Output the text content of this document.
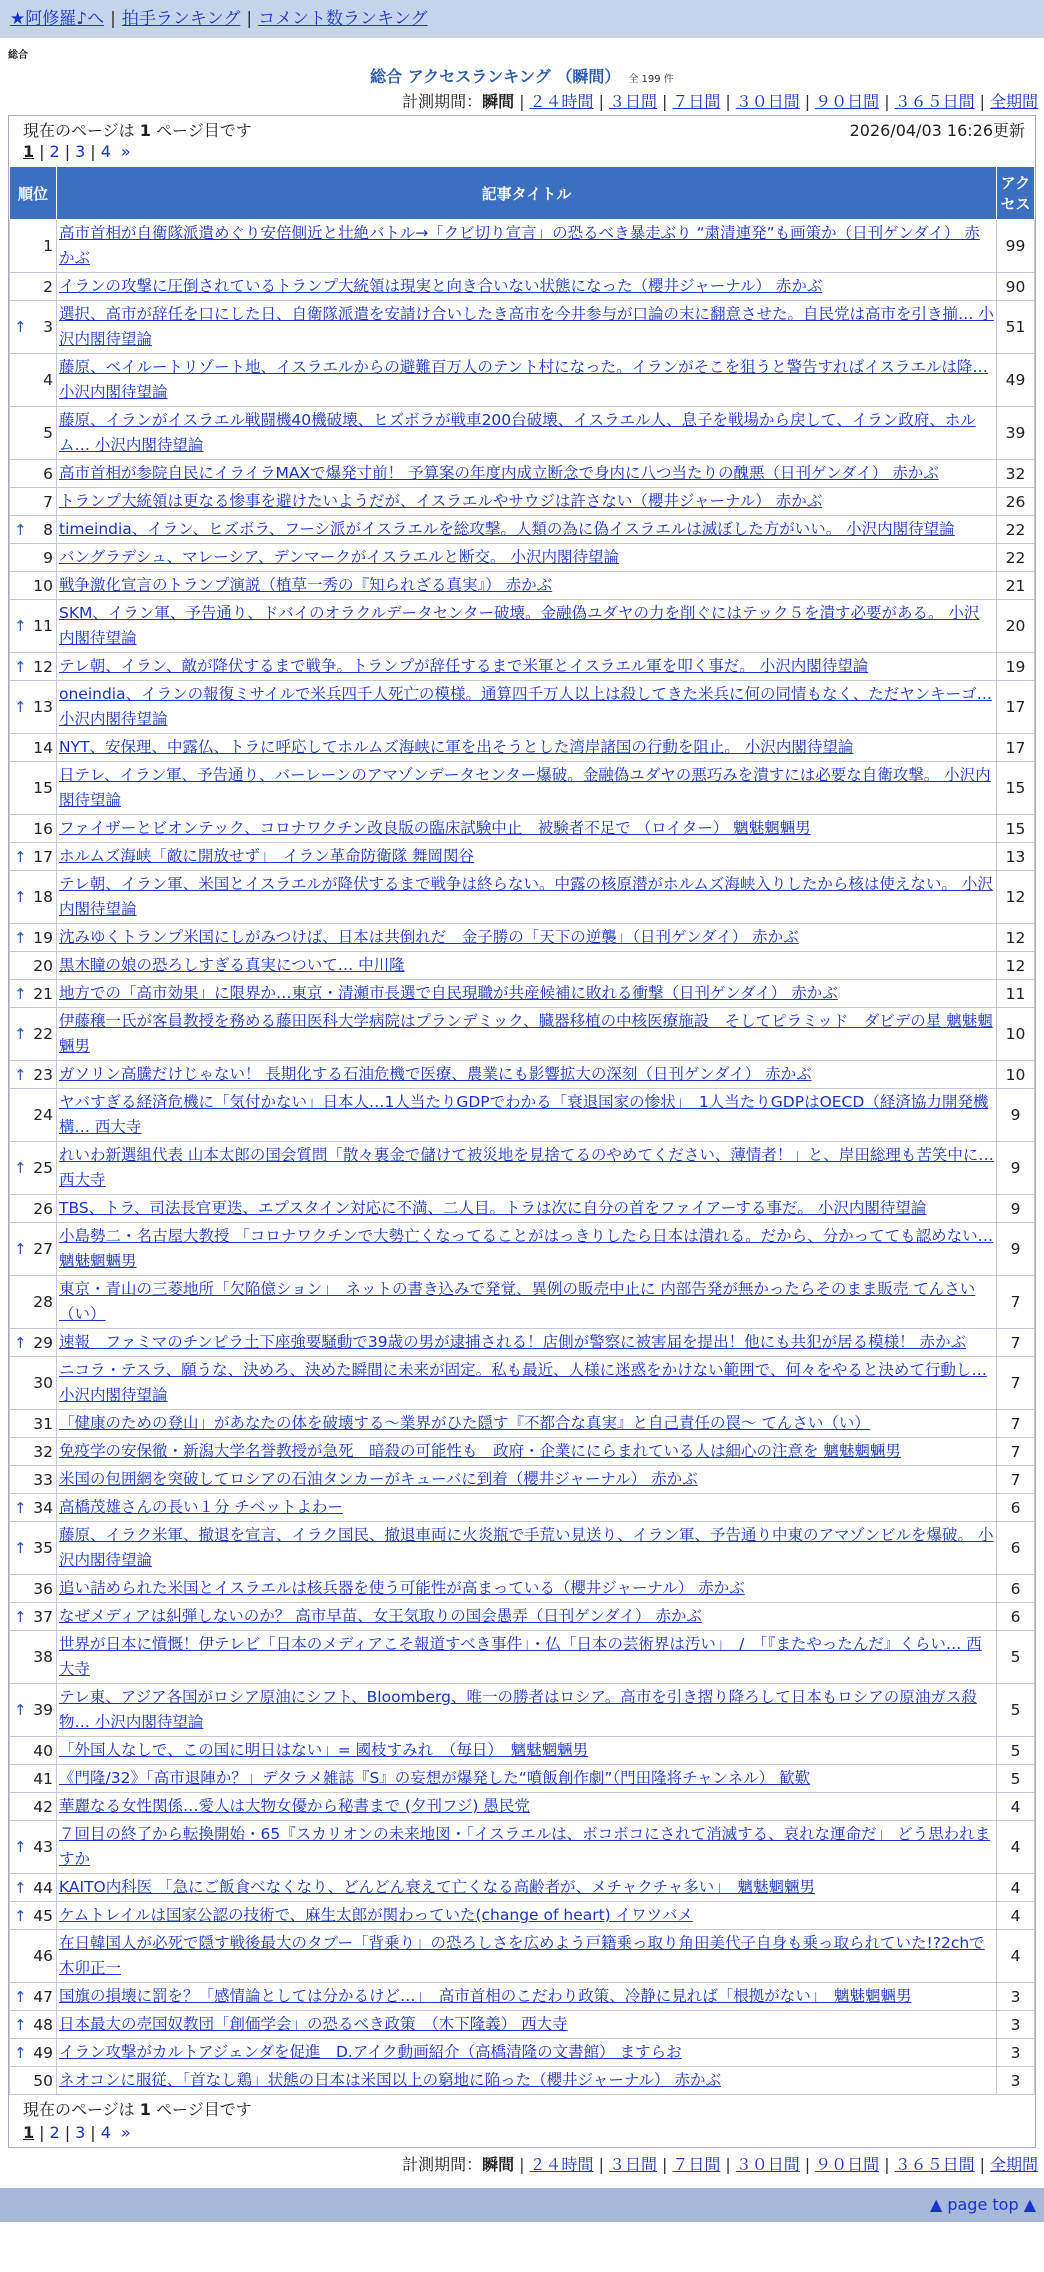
★阿修羅♪へ | 拍手ランキング | コメント数ランキング
総合
総合 アクセスランキング （瞬間） 全 199 件
計測期間：瞬間 | ２４時間 | ３日間 | ７日間 | ３０日間 | ９０日間 | ３６５日間 | 全期間
現在のページは 1 ページ目です	2026/04/03 16:26更新
1 | 2 | 3 | 4 »
順位	記事タイトル	アクセス
1	高市首相が自衛隊派遣めぐり安倍側近と壮絶バトル→「クビ切り宣言」の恐るべき暴走ぶり “粛清連発”も画策か（日刊ゲンダイ） 赤かぶ	99
2	イランの攻撃に圧倒されているトランプ大統領は現実と向き合いない状態になった（櫻井ジャーナル） 赤かぶ	90

↑ 3	選択、高市が辞任を口にした日、自衛隊派遣を安請け合いしたき高市を今井参与が口論の末に翻意させた。自民党は高市を引き揃… 小沢内閣待望論	51
4	藤原、ベイルートリゾート地、イスラエルからの避難百万人のテント村になった。イランがそこを狙うと警告すればイスラエルは降… 小沢内閣待望論	49
5	藤原、イランがイスラエル戦闘機40機破壊、ヒズボラが戦車200台破壊、イスラエル人、息子を戦場から戻して、イラン政府、ホルム… 小沢内閣待望論	39
6	高市首相が参院自民にイライラMAXで爆発寸前！ 予算案の年度内成立断念で身内に八つ当たりの醜悪（日刊ゲンダイ） 赤かぶ	32
7	トランプ大統領は更なる惨事を避けたいようだが、イスラエルやサウジは許さない（櫻井ジャーナル） 赤かぶ	26

↑ 8	timeindia、イラン、ヒズボラ、フーシ派がイスラエルを総攻撃。人類の為に偽イスラエルは滅ぼした方がいい。 小沢内閣待望論	22
9	バングラデシュ、マレーシア、デンマークがイスラエルと断交。 小沢内閣待望論	22
10	戦争激化宣言のトランプ演説（植草一秀の『知られざる真実』） 赤かぶ	21

↑ 11	SKM、イラン軍、予告通り、ドバイのオラクルデータセンター破壊。金融偽ユダヤの力を削ぐにはテック５を潰す必要がある。 小沢内閣待望論	20

↑ 12	テレ朝、イラン、敵が降伏するまで戦争。トランプが辞任するまで米軍とイスラエル軍を叩く事だ。 小沢内閣待望論	19

↑ 13	oneindia、イランの報復ミサイルで米兵四千人死亡の模様。通算四千万人以上は殺してきた米兵に何の同情もなく、ただヤンキーゴ… 小沢内閣待望論	17
14	NYT、安保理、中露仏、トラに呼応してホルムズ海峡に軍を出そうとした湾岸諸国の行動を阻止。 小沢内閣待望論	17
15	日テレ、イラン軍、予告通り、バーレーンのアマゾンデータセンター爆破。金融偽ユダヤの悪巧みを潰すには必要な自衛攻撃。 小沢内閣待望論	15
16	ファイザーとビオンテック、コロナワクチン改良版の臨床試験中止　被験者不足で （ロイター） 魑魅魍魎男	15

↑ 17	ホルムズ海峡「敵に開放せず」　イラン革命防衛隊 舞岡関谷	13

↑ 18	テレ朝、イラン軍、米国とイスラエルが降伏するまで戦争は終らない。中露の核原潜がホルムズ海峡入りしたから核は使えない。 小沢内閣待望論	12

↑ 19	沈みゆくトランプ米国にしがみつけば、日本は共倒れだ　金子勝の「天下の逆襲」（日刊ゲンダイ） 赤かぶ	12
20	黒木瞳の娘の恐ろしすぎる真実について… 中川隆	12

↑ 21	地方での「高市効果」に限界か…東京・清瀬市長選で自民現職が共産候補に敗れる衝撃（日刊ゲンダイ） 赤かぶ	11

↑ 22	伊藤穣一氏が客員教授を務める藤田医科大学病院はプランデミック、臓器移植の中核医療施設　そしてピラミッド　ダビデの星 魑魅魍魎男	10

↑ 23	ガソリン高騰だけじゃない！ 長期化する石油危機で医療、農業にも影響拡大の深刻（日刊ゲンダイ） 赤かぶ	10
24	ヤバすぎる経済危機に「気付かない」日本人…1人当たりGDPでわかる「衰退国家の惨状」　1人当たりGDPはOECD（経済協力開発機構… 西大寺	9

↑ 25	れいわ新選組代表 山本太郎の国会質問「散々裏金で儲けて被災地を見捨てるのやめてください、薄情者！」と、岸田総理も苦笑中に… 西大寺	9
26	TBS、トラ、司法長官更迭、エプスタイン対応に不満、二人目。トラは次に自分の首をファイアーする事だ。 小沢内閣待望論	9

↑ 27	小島勢二・名古屋大教授 「コロナワクチンで大勢亡くなってることがはっきりしたら日本は潰れる。だから、分かってても認めない… 魑魅魍魎男	9
28	東京・青山の三菱地所「欠陥億ション」　ネットの書き込みで発覚、異例の販売中止に 内部告発が無かったらそのまま販売 てんさい（い）	7

↑ 29	速報　ファミマのチンピラ土下座強要騒動で39歳の男が逮捕される！店側が警察に被害届を提出！他にも共犯が居る模様！ 赤かぶ	7
30	ニコラ・テスラ、願うな、決めろ、決めた瞬間に未来が固定。私も最近、人様に迷惑をかけない範囲で、何々をやると決めて行動し… 小沢内閣待望論	7
31	「健康のための登山」があなたの体を破壊する〜業界がひた隠す『不都合な真実』と自己責任の罠〜 てんさい（い）	7
32	免疫学の安保徹・新潟大学名誉教授が急死　暗殺の可能性も　政府・企業ににらまれている人は細心の注意を 魑魅魍魎男	7
33	米国の包囲網を突破してロシアの石油タンカーがキューバに到着（櫻井ジャーナル） 赤かぶ	7

↑ 34	高橋茂雄さんの長い１分 チベットよわー	6

↑ 35	藤原、イラク米軍、撤退を宣言、イラク国民、撤退車両に火炎瓶で手荒い見送り、イラン軍、予告通り中東のアマゾンビルを爆破。 小沢内閣待望論	6
36	追い詰められた米国とイスラエルは核兵器を使う可能性が高まっている（櫻井ジャーナル） 赤かぶ	6

↑ 37	なぜメディアは糾弾しないのか？ 高市早苗、女王気取りの国会愚弄（日刊ゲンダイ） 赤かぶ	6
38	世界が日本に憤慨！伊テレビ「日本のメディアこそ報道すべき事件」・仏「日本の芸術界は汚い」　/　「『またやったんだ』くらい… 西大寺	5

↑ 39	テレ東、アジア各国がロシア原油にシフト、Bloomberg、唯一の勝者はロシア。高市を引き摺り降ろして日本もロシアの原油ガス殺物… 小沢内閣待望論	5
40	「外国人なしで、この国に明日はない」= 國枝すみれ　（毎日）　魑魅魍魎男	5
41	《門隆/32》「高市退陣か？」デタラメ雑誌『S』の妄想が爆発した“噴飯創作劇”（門田隆将チャンネル） 歓歎	5
42	華麗なる女性関係…愛人は大物女優から秘書まで (夕刊フジ) 愚民党	4

↑ 43	７回目の終了から転換開始・65『スカリオンの未来地図・「イスラエルは、ボコボコにされて消滅する、哀れな運命だ」 どう思われますか	4

↑ 44	KAITO内科医 「急にご飯食べなくなり、どんどん衰えて亡くなる高齢者が、メチャクチャ多い」　魑魅魍魎男	4

↑ 45	ケムトレイルは国家公認の技術で、麻生太郎が関わっていた(change of heart) イワツバメ	4
46	在日韓国人が必死で隠す戦後最大のタブー「背乗り」の恐ろしさを広めよう戸籍乗っ取り角田美代子自身も乗っ取られていた!?2chで 木卯正一	4

↑ 47	国旗の損壊に罰を？「感情論としては分かるけど…」　高市首相のこだわり政策、冷静に見れば「根拠がない」　魑魅魍魎男	3

↑ 48	日本最大の売国奴教団「創価学会」の恐るべき政策　（木下隆義） 西大寺	3

↑ 49	イラン攻撃がカルトアジェンダを促進　D.アイク動画紹介（高橋清隆の文書館） ますらお	3
50	ネオコンに服従、「首なし鶏」状態の日本は米国以上の窮地に陥った（櫻井ジャーナル） 赤かぶ	3
現在のページは 1 ページ目です
1 | 2 | 3 | 4 »
計測期間：瞬間 | ２４時間 | ３日間 | ７日間 | ３０日間 | ９０日間 | ３６５日間 | 全期間
▲ page top ▲
